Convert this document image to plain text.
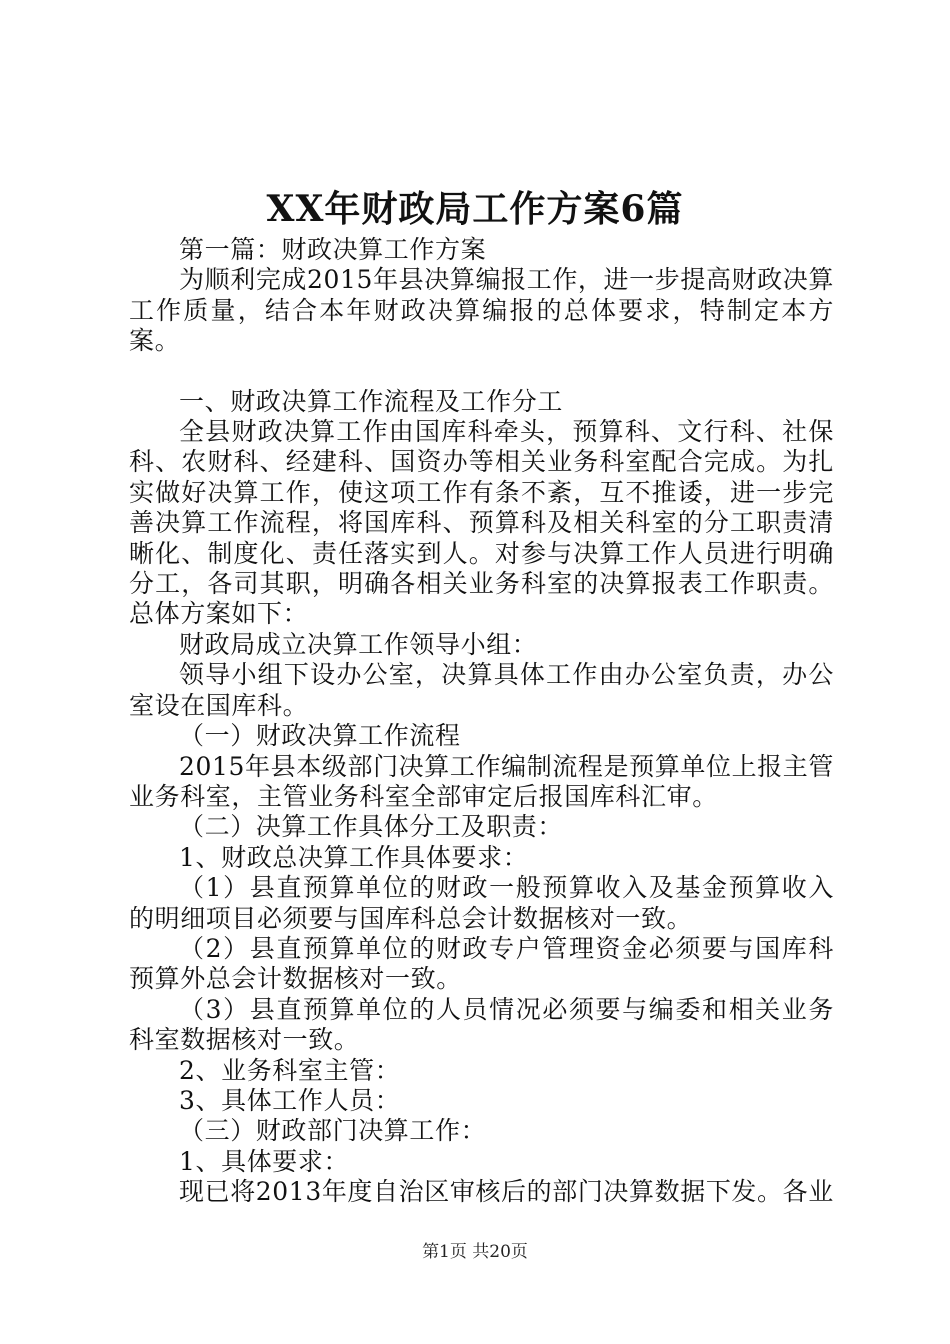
XX年财政局工作方案6篇

第一篇：财政决算工作方案

为顺利完成2015年县决算编报工作，进一步提高财政决算工作质量，结合本年财政决算编报的总体要求，特制定本方案。

一、财政决算工作流程及工作分工

全县财政决算工作由国库科牵头，预算科、文行科、社保科、农财科、经建科、国资办等相关业务科室配合完成。为扎实做好决算工作，使这项工作有条不紊，互不推诿，进一步完善决算工作流程，将国库科、预算科及相关科室的分工职责清晰化、制度化、责任落实到人。对参与决算工作人员进行明确分工，各司其职，明确各相关业务科室的决算报表工作职责。总体方案如下：

财政局成立决算工作领导小组：

领导小组下设办公室，决算具体工作由办公室负责，办公室设在国库科。

（一）财政决算工作流程

2015年县本级部门决算工作编制流程是预算单位上报主管业务科室，主管业务科室全部审定后报国库科汇审。

（二）决算工作具体分工及职责：

1、财政总决算工作具体要求：

（1）县直预算单位的财政一般预算收入及基金预算收入的明细项目必须要与国库科总会计数据核对一致。

（2）县直预算单位的财政专户管理资金必须要与国库科预算外总会计数据核对一致。

（3）县直预算单位的人员情况必须要与编委和相关业务科室数据核对一致。

2、业务科室主管：

3、具体工作人员：

（三）财政部门决算工作：

1、具体要求：

现已将2013年度自治区审核后的部门决算数据下发。各业

第1页 共20页
